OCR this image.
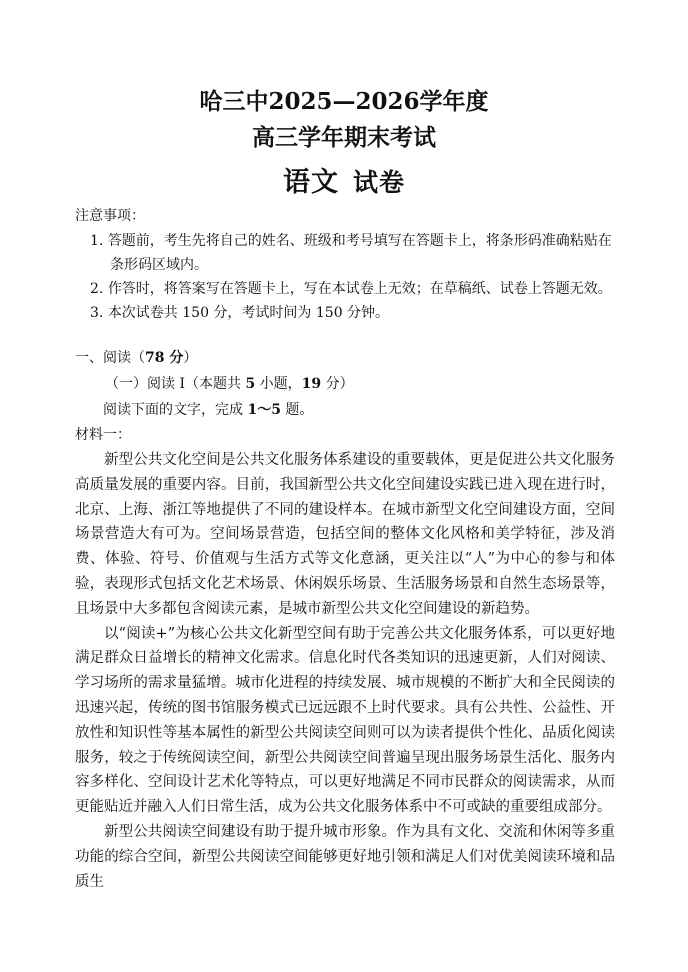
哈三中2025—2026学年度
高三学年期末考试
语文 试卷
注意事项：
1. 答题前，考生先将自己的姓名、班级和考号填写在答题卡上，将条形码准确粘贴在
条形码区域内。
2. 作答时，将答案写在答题卡上，写在本试卷上无效；在草稿纸、试卷上答题无效。
3. 本次试卷共 150 分，考试时间为 150 分钟。
一、阅读（78 分）
（一）阅读 I（本题共 5 小题，19 分）
阅读下面的文字，完成 1～5 题。
材料一：

新型公共文化空间是公共文化服务体系建设的重要载体，更是促进公共文化服务高质量发展的重要内容。目前，我国新型公共文化空间建设实践已进入现在进行时，北京、上海、浙江等地提供了不同的建设样本。在城市新型文化空间建设方面，空间场景营造大有可为。空间场景营造，包括空间的整体文化风格和美学特征，涉及消费、体验、符号、价值观与生活方式等文化意涵，更关注以“人”为中心的参与和体验，表现形式包括文化艺术场景、休闲娱乐场景、生活服务场景和自然生态场景等，且场景中大多都包含阅读元素，是城市新型公共文化空间建设的新趋势。

以“阅读+”为核心公共文化新型空间有助于完善公共文化服务体系，可以更好地满足群众日益增长的精神文化需求。信息化时代各类知识的迅速更新，人们对阅读、学习场所的需求量猛增。城市化进程的持续发展、城市规模的不断扩大和全民阅读的迅速兴起，传统的图书馆服务模式已远远跟不上时代要求。具有公共性、公益性、开放性和知识性等基本属性的新型公共阅读空间则可以为读者提供个性化、品质化阅读服务，较之于传统阅读空间，新型公共阅读空间普遍呈现出服务场景生活化、服务内容多样化、空间设计艺术化等特点，可以更好地满足不同市民群众的阅读需求，从而更能贴近并融入人们日常生活，成为公共文化服务体系中不可或缺的重要组成部分。

新型公共阅读空间建设有助于提升城市形象。作为具有文化、交流和休闲等多重功能的综合空间，新型公共阅读空间能够更好地引领和满足人们对优美阅读环境和品质生
